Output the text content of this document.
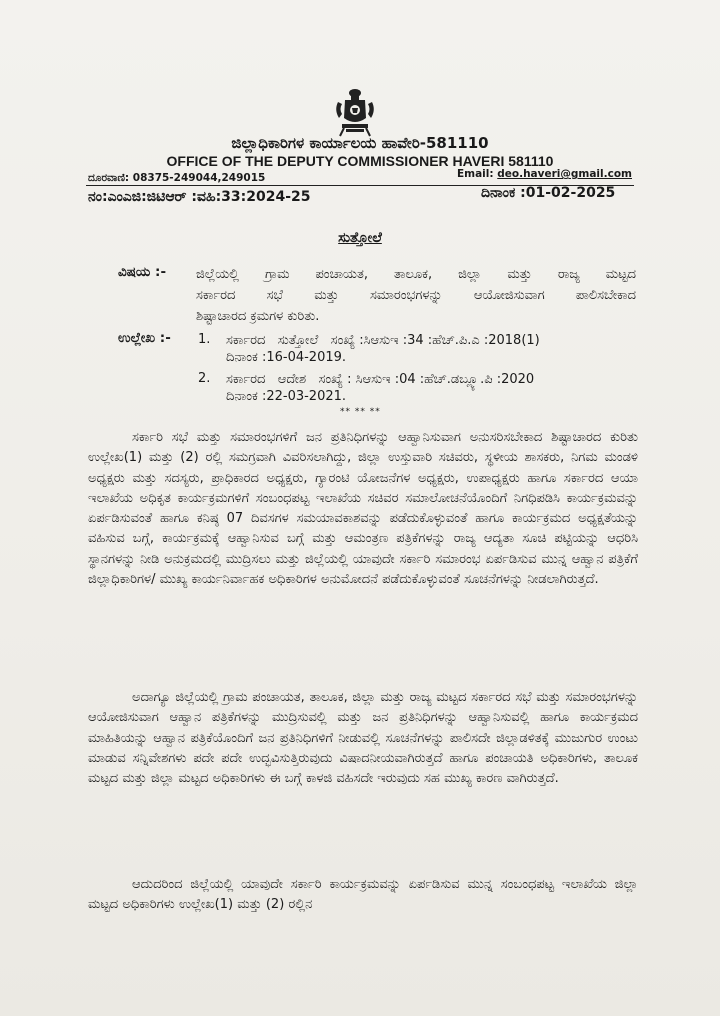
ಜಿಲ್ಲಾಧಿಕಾರಿಗಳ ಕಾರ್ಯಾಲಯ ಹಾವೇರಿ-581110
OFFICE OF THE DEPUTY COMMISSIONER HAVERI 581110
ದೂರವಾಣಿ: 08375-249044,249015	Email: deo.haveri@gmail.com
ನಂ:ಎಂಎಜಿ:ಜಿಟಿಆರ್ :ವಹಿ:33:2024-25	ದಿನಾಂಕ :01-02-2025
ಸುತ್ತೋಲೆ
ವಿಷಯ :- ಜಿಲ್ಲೆಯಲ್ಲಿ ಗ್ರಾಮ ಪಂಚಾಯತ, ತಾಲೂಕ, ಜಿಲ್ಲಾ ಮತ್ತು ರಾಜ್ಯ ಮಟ್ಟದ
ಸರ್ಕಾರದ ಸಭೆ ಮತ್ತು ಸಮಾರಂಭಗಳನ್ನು ಆಯೋಜಿಸುವಾಗ ಪಾಲಿಸಬೇಕಾದ
ಶಿಷ್ಟಾಚಾರದ ಕ್ರಮಗಳ ಕುರಿತು.
ಉಲ್ಲೇಖ :- 1. ಸರ್ಕಾರದ   ಸುತ್ತೋಲೆ   ಸಂಖ್ಯೆ :ಸಿಆಸುಇ :34 :ಹೆಚ್.ಪಿ.ಎ :2018(1)
ದಿನಾಂಕ :16-04-2019.
2. ಸರ್ಕಾರದ   ಆದೇಶ   ಸಂಖ್ಯೆ : ಸಿಆಸುಇ :04 :ಹೆಚ್.ಡಬ್ಲ್ಯೂ.ಪಿ :2020
ದಿನಾಂಕ :22-03-2021.
** ** **
ಸರ್ಕಾರಿ ಸಭೆ ಮತ್ತು ಸಮಾರಂಭಗಳಿಗೆ ಜನ ಪ್ರತಿನಿಧಿಗಳನ್ನು ಆಹ್ವಾನಿಸುವಾಗ ಅನುಸರಿಸಬೇಕಾದ ಶಿಷ್ಟಾಚಾರದ ಕುರಿತು ಉಲ್ಲೇಖ(1) ಮತ್ತು (2) ರಲ್ಲಿ ಸಮಗ್ರವಾಗಿ ವಿವರಿಸಲಾಗಿದ್ದು, ಜಿಲ್ಲಾ ಉಸ್ತುವಾರಿ ಸಚಿವರು, ಸ್ಥಳೀಯ ಶಾಸಕರು, ನಿಗಮ ಮಂಡಳಿ ಅಧ್ಯಕ್ಷರು ಮತ್ತು ಸದಸ್ಯರು, ಪ್ರಾಧಿಕಾರದ ಅಧ್ಯಕ್ಷರು, ಗ್ಯಾರಂಟಿ ಯೋಜನೆಗಳ ಅಧ್ಯಕ್ಷರು, ಉಪಾಧ್ಯಕ್ಷರು ಹಾಗೂ ಸರ್ಕಾರದ ಆಯಾ ಇಲಾಖೆಯ ಅಧಿಕೃತ ಕಾರ್ಯಕ್ರಮಗಳಿಗೆ ಸಂಬಂಧಪಟ್ಟ ಇಲಾಖೆಯ ಸಚಿವರ ಸಮಾಲೋಚನೆಯೊಂದಿಗೆ ನಿಗಧಿಪಡಿಸಿ ಕಾರ್ಯಕ್ರಮವನ್ನು ಏರ್ಪಡಿಸುವಂತೆ ಹಾಗೂ ಕನಿಷ್ಠ 07 ದಿವಸಗಳ ಸಮಯಾವಕಾಶವನ್ನು ಪಡೆದುಕೊಳ್ಳುವಂತೆ ಹಾಗೂ ಕಾರ್ಯಕ್ರಮದ ಅಧ್ಯಕ್ಷತೆಯನ್ನು ವಹಿಸುವ ಬಗ್ಗೆ, ಕಾರ್ಯಕ್ರಮಕ್ಕೆ ಆಹ್ವಾನಿಸುವ ಬಗ್ಗೆ ಮತ್ತು ಆಮಂತ್ರಣ ಪತ್ರಿಕೆಗಳನ್ನು ರಾಜ್ಯ ಆದ್ಯತಾ ಸೂಚಿ ಪಟ್ಟಿಯನ್ನು ಆಧರಿಸಿ ಸ್ಥಾನಗಳನ್ನು ನೀಡಿ ಅನುಕ್ರಮದಲ್ಲಿ ಮುದ್ರಿಸಲು ಮತ್ತು ಜಿಲ್ಲೆಯಲ್ಲಿ ಯಾವುದೇ ಸರ್ಕಾರಿ ಸಮಾರಂಭ ಏರ್ಪಡಿಸುವ ಮುನ್ನ ಆಹ್ವಾನ ಪತ್ರಿಕೆಗೆ ಜಿಲ್ಲಾಧಿಕಾರಿಗಳ/ ಮುಖ್ಯ ಕಾರ್ಯನಿರ್ವಾಹಕ ಅಧಿಕಾರಿಗಳ ಅನುಮೋದನೆ ಪಡೆದುಕೊಳ್ಳುವಂತೆ ಸೂಚನೆಗಳನ್ನು ನೀಡಲಾಗಿರುತ್ತದೆ.
ಅದಾಗ್ಯೂ ಜಿಲ್ಲೆಯಲ್ಲಿ ಗ್ರಾಮ ಪಂಚಾಯತ, ತಾಲೂಕ, ಜಿಲ್ಲಾ ಮತ್ತು ರಾಜ್ಯ ಮಟ್ಟದ ಸರ್ಕಾರದ ಸಭೆ ಮತ್ತು ಸಮಾರಂಭಗಳನ್ನು ಆಯೋಜಿಸುವಾಗ ಆಹ್ವಾನ ಪತ್ರಿಕೆಗಳನ್ನು ಮುದ್ರಿಸುವಲ್ಲಿ ಮತ್ತು ಜನ ಪ್ರತಿನಿಧಿಗಳನ್ನು ಆಹ್ವಾನಿಸುವಲ್ಲಿ ಹಾಗೂ ಕಾರ್ಯಕ್ರಮದ ಮಾಹಿತಿಯನ್ನು ಆಹ್ವಾನ ಪತ್ರಿಕೆಯೊಂದಿಗೆ ಜನ ಪ್ರತಿನಿಧಿಗಳಿಗೆ ನೀಡುವಲ್ಲಿ ಸೂಚನೆಗಳನ್ನು ಪಾಲಿಸದೇ ಜಿಲ್ಲಾಡಳಿತಕ್ಕೆ ಮುಜುಗುರ ಉಂಟು ಮಾಡುವ ಸನ್ನಿವೇಶಗಳು ಪದೇ ಪದೇ ಉದ್ಭವಿಸುತ್ತಿರುವುದು ವಿಷಾದನೀಯವಾಗಿರುತ್ತದೆ ಹಾಗೂ ಪಂಚಾಯತಿ ಅಧಿಕಾರಿಗಳು, ತಾಲೂಕ ಮಟ್ಟದ ಮತ್ತು ಜಿಲ್ಲಾ ಮಟ್ಟದ ಅಧಿಕಾರಿಗಳು ಈ ಬಗ್ಗೆ ಕಾಳಜಿ ವಹಿಸದೇ ಇರುವುದು ಸಹ ಮುಖ್ಯ ಕಾರಣ ವಾಗಿರುತ್ತದೆ.
ಆದುದರಿಂದ ಜಿಲ್ಲೆಯಲ್ಲಿ ಯಾವುದೇ ಸರ್ಕಾರಿ ಕಾರ್ಯಕ್ರಮವನ್ನು ಏರ್ಪಡಿಸುವ ಮುನ್ನ ಸಂಬಂಧಪಟ್ಟ ಇಲಾಖೆಯ ಜಿಲ್ಲಾ ಮಟ್ಟದ ಅಧಿಕಾರಿಗಳು ಉಲ್ಲೇಖ(1) ಮತ್ತು (2) ರಲ್ಲಿನ
